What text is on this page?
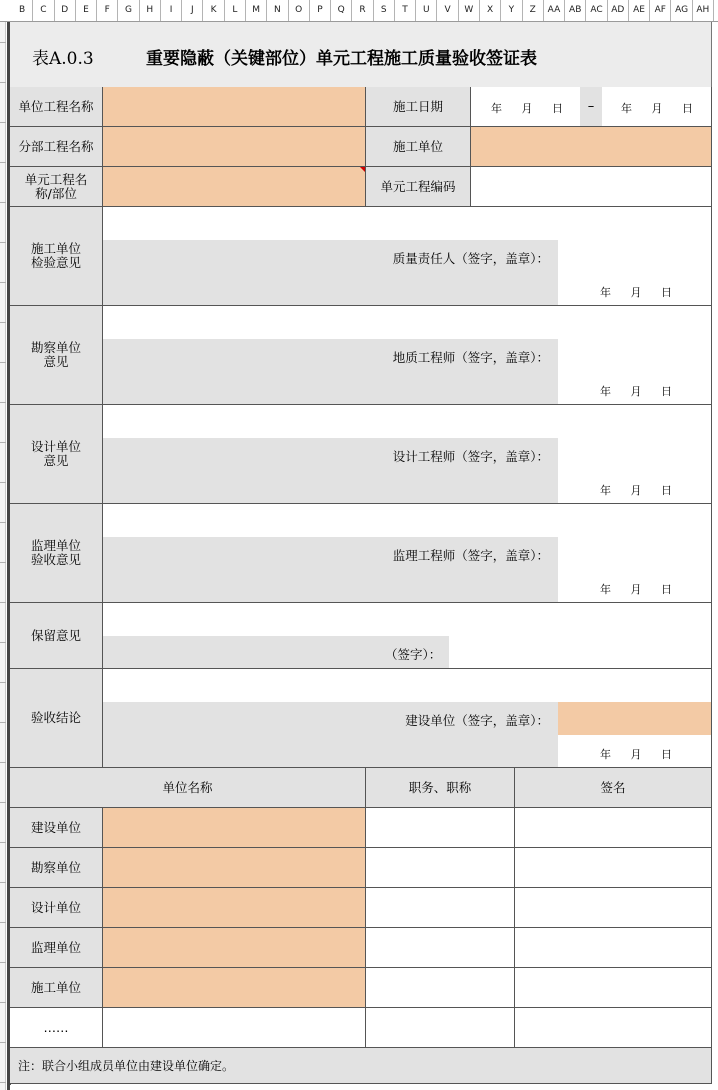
B	C	D	E	F	G	H	I	J	K	L	M	N	O	P	Q	R	S	T	U	V	W	X	Y	Z	AA AB AC AD AE	AF	AG AH
表A.0.3	重要隐蔽（关键部位）单元工程施工质量验收签证表
单位工程名称	施工日期	年 月 日	–	年 月 日
分部工程名称	施工单位
单元工程名称/部位	单元工程编码
施工单位检验意见	质量责任人（签字，盖章）：
年 月 日
勘察单位意见	地质工程师（签字，盖章）：
年 月 日
设计单位意见	设计工程师（签字，盖章）：
年 月 日
监理单位验收意见	监理工程师（签字，盖章）：
年 月 日
保留意见
（签字）：
验收结论	建设单位（签字，盖章）：
年 月 日
单位名称	职务、职称	签名
建设单位
勘察单位
设计单位
监理单位
施工单位
……
注：联合小组成员单位由建设单位确定。
